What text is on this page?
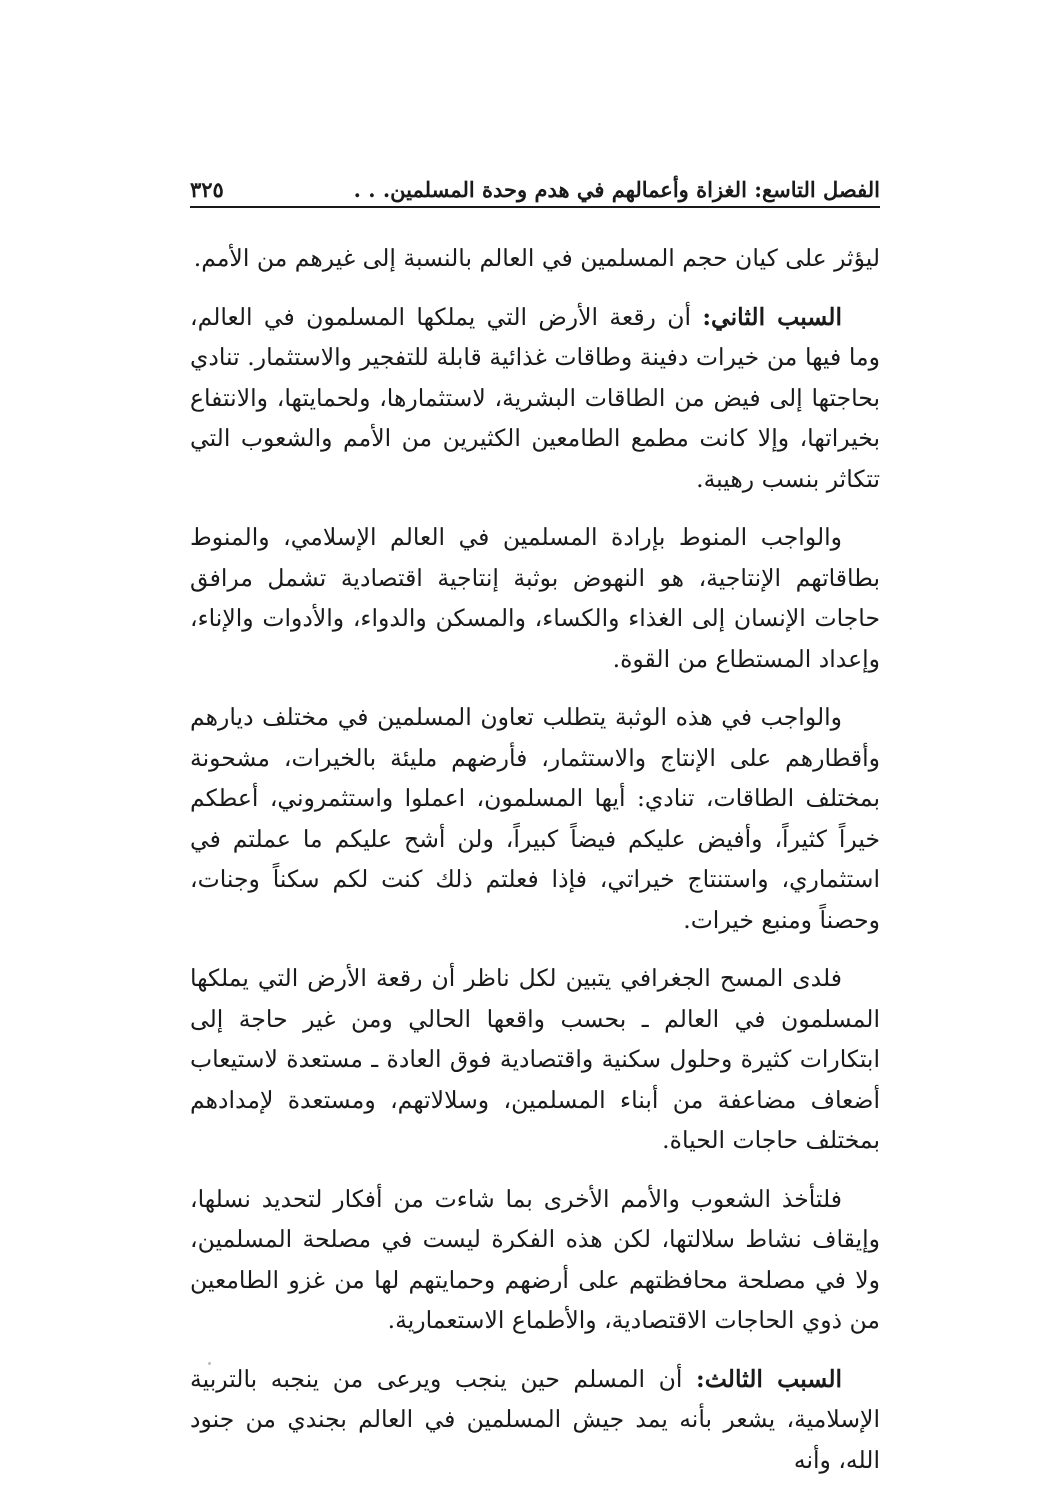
الفصل التاسع: الغزاة وأعمالهم في هدم وحدة المسلمين. . .
٣٢٥

ليؤثر على كيان حجم المسلمين في العالم بالنسبة إلى غيرهم من الأمم.

السبب الثاني: أن رقعة الأرض التي يملكها المسلمون في العالم، وما فيها من خيرات دفينة وطاقات غذائية قابلة للتفجير والاستثمار. تنادي بحاجتها إلى فيض من الطاقات البشرية، لاستثمارها، ولحمايتها، والانتفاع بخيراتها، وإلا كانت مطمع الطامعين الكثيرين من الأمم والشعوب التي تتكاثر بنسب رهيبة.

والواجب المنوط بإرادة المسلمين في العالم الإسلامي، والمنوط بطاقاتهم الإنتاجية، هو النهوض بوثبة إنتاجية اقتصادية تشمل مرافق حاجات الإنسان إلى الغذاء والكساء، والمسكن والدواء، والأدوات والإناء، وإعداد المستطاع من القوة.

والواجب في هذه الوثبة يتطلب تعاون المسلمين في مختلف ديارهم وأقطارهم على الإنتاج والاستثمار، فأرضهم مليئة بالخيرات، مشحونة بمختلف الطاقات، تنادي: أيها المسلمون، اعملوا واستثمروني، أعطكم خيراً كثيراً، وأفيض عليكم فيضاً كبيراً، ولن أشح عليكم ما عملتم في استثماري، واستنتاج خيراتي، فإذا فعلتم ذلك كنت لكم سكناً وجنات، وحصناً ومنبع خيرات.

فلدى المسح الجغرافي يتبين لكل ناظر أن رقعة الأرض التي يملكها المسلمون في العالم ـ بحسب واقعها الحالي ومن غير حاجة إلى ابتكارات كثيرة وحلول سكنية واقتصادية فوق العادة ـ مستعدة لاستيعاب أضعاف مضاعفة من أبناء المسلمين، وسلالاتهم، ومستعدة لإمدادهم بمختلف حاجات الحياة.

فلتأخذ الشعوب والأمم الأخرى بما شاءت من أفكار لتحديد نسلها، وإيقاف نشاط سلالتها، لكن هذه الفكرة ليست في مصلحة المسلمين، ولا في مصلحة محافظتهم على أرضهم وحمايتهم لها من غزو الطامعين من ذوي الحاجات الاقتصادية، والأطماع الاستعمارية.

السبب الثالث: أن المسلم حين ينجب ويرعى من ينجبه بالتربية الإسلامية، يشعر بأنه يمد جيش المسلمين في العالم بجندي من جنود الله، وأنه
